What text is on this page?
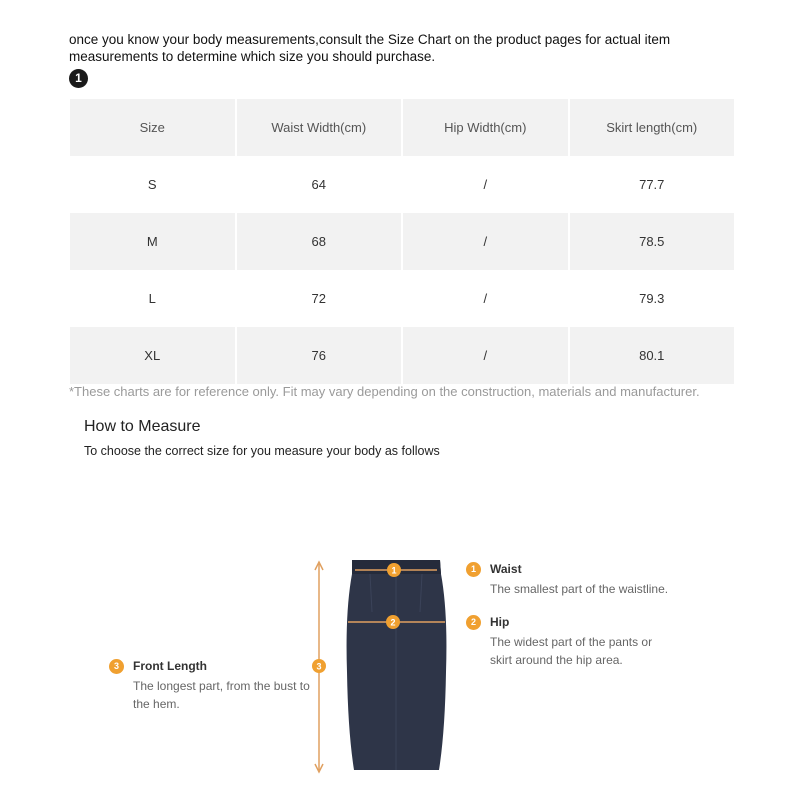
once you know your body measurements,consult the Size Chart on the product pages for actual item
measurements to determine which size you should purchase.
1
Size	Waist Width(cm)	Hip Width(cm)	Skirt length(cm)
S	64	/	77.7
M	68	/	78.5
L	72	/	79.3
XL	76	/	80.1
*These charts are for reference only. Fit may vary depending on the construction, materials and manufacturer.
How to Measure
To choose the correct size for you measure your body as follows
1
2
3
1	Waist
The smallest part of the waistline.
2	Hip
The widest part of the pants or
skirt around the hip area.
3	Front Length
The longest part, from the bust to
the hem.
